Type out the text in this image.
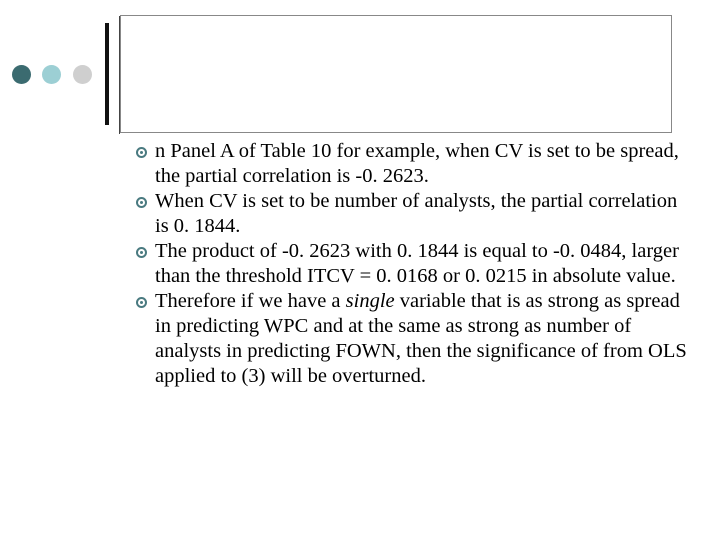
n Panel A of Table 10 for example, when CV is set to be spread, the partial correlation is -0. 2623.
When CV is set to be number of analysts, the partial correlation is 0. 1844.
The product of -0. 2623 with 0. 1844 is equal to -0. 0484, larger than the threshold ITCV = 0. 0168 or 0. 0215 in absolute value.
Therefore if we have a single variable that is as strong as spread in predicting WPC and at the same as strong as number of analysts in predicting FOWN, then the significance of from OLS applied to (3) will be overturned.
